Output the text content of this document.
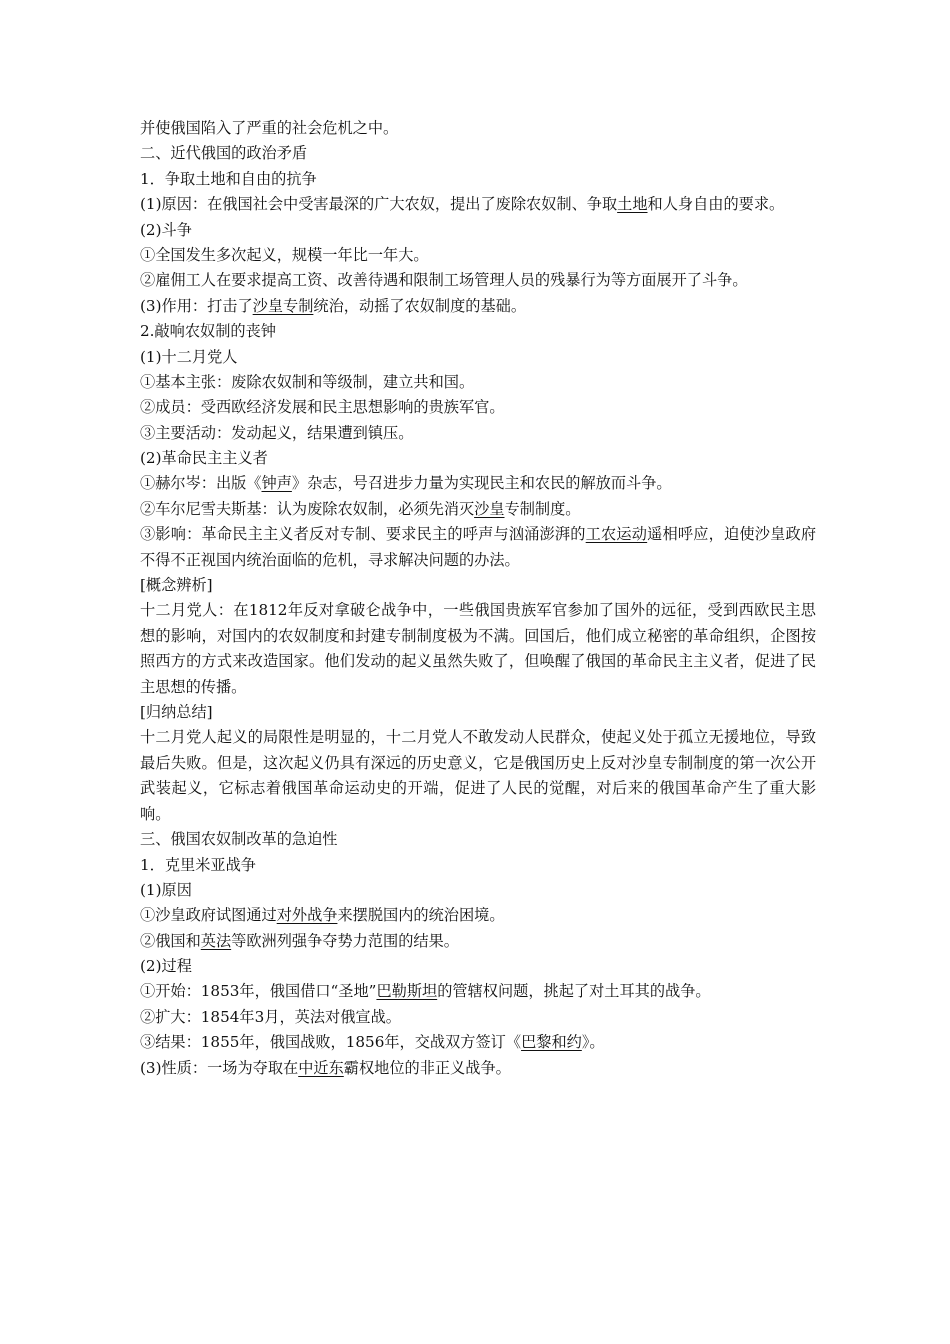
并使俄国陷入了严重的社会危机之中。
二、近代俄国的政治矛盾
1．争取土地和自由的抗争
(1)原因：在俄国社会中受害最深的广大农奴，提出了废除农奴制、争取土地和人身自由的要求。
(2)斗争
①全国发生多次起义，规模一年比一年大。
②雇佣工人在要求提高工资、改善待遇和限制工场管理人员的残暴行为等方面展开了斗争。
(3)作用：打击了沙皇专制统治，动摇了农奴制度的基础。
2.敲响农奴制的丧钟
(1)十二月党人
①基本主张：废除农奴制和等级制，建立共和国。
②成员：受西欧经济发展和民主思想影响的贵族军官。
③主要活动：发动起义，结果遭到镇压。
(2)革命民主主义者
①赫尔岑：出版《钟声》杂志，号召进步力量为实现民主和农民的解放而斗争。
②车尔尼雪夫斯基：认为废除农奴制，必须先消灭沙皇专制制度。
③影响：革命民主主义者反对专制、要求民主的呼声与汹涌澎湃的工农运动遥相呼应，迫使沙皇政府不得不正视国内统治面临的危机，寻求解决问题的办法。
[概念辨析]
十二月党人：在1812年反对拿破仑战争中，一些俄国贵族军官参加了国外的远征，受到西欧民主思想的影响，对国内的农奴制度和封建专制制度极为不满。回国后，他们成立秘密的革命组织，企图按照西方的方式来改造国家。他们发动的起义虽然失败了，但唤醒了俄国的革命民主主义者，促进了民主思想的传播。
[归纳总结]
十二月党人起义的局限性是明显的，十二月党人不敢发动人民群众，使起义处于孤立无援地位，导致最后失败。但是，这次起义仍具有深远的历史意义，它是俄国历史上反对沙皇专制制度的第一次公开武装起义，它标志着俄国革命运动史的开端，促进了人民的觉醒，对后来的俄国革命产生了重大影响。
三、俄国农奴制改革的急迫性
1．克里米亚战争
(1)原因
①沙皇政府试图通过对外战争来摆脱国内的统治困境。
②俄国和英法等欧洲列强争夺势力范围的结果。
(2)过程
①开始：1853年，俄国借口“圣地”巴勒斯坦的管辖权问题，挑起了对土耳其的战争。
②扩大：1854年3月，英法对俄宣战。
③结果：1855年，俄国战败，1856年，交战双方签订《巴黎和约》。
(3)性质：一场为夺取在中近东霸权地位的非正义战争。
